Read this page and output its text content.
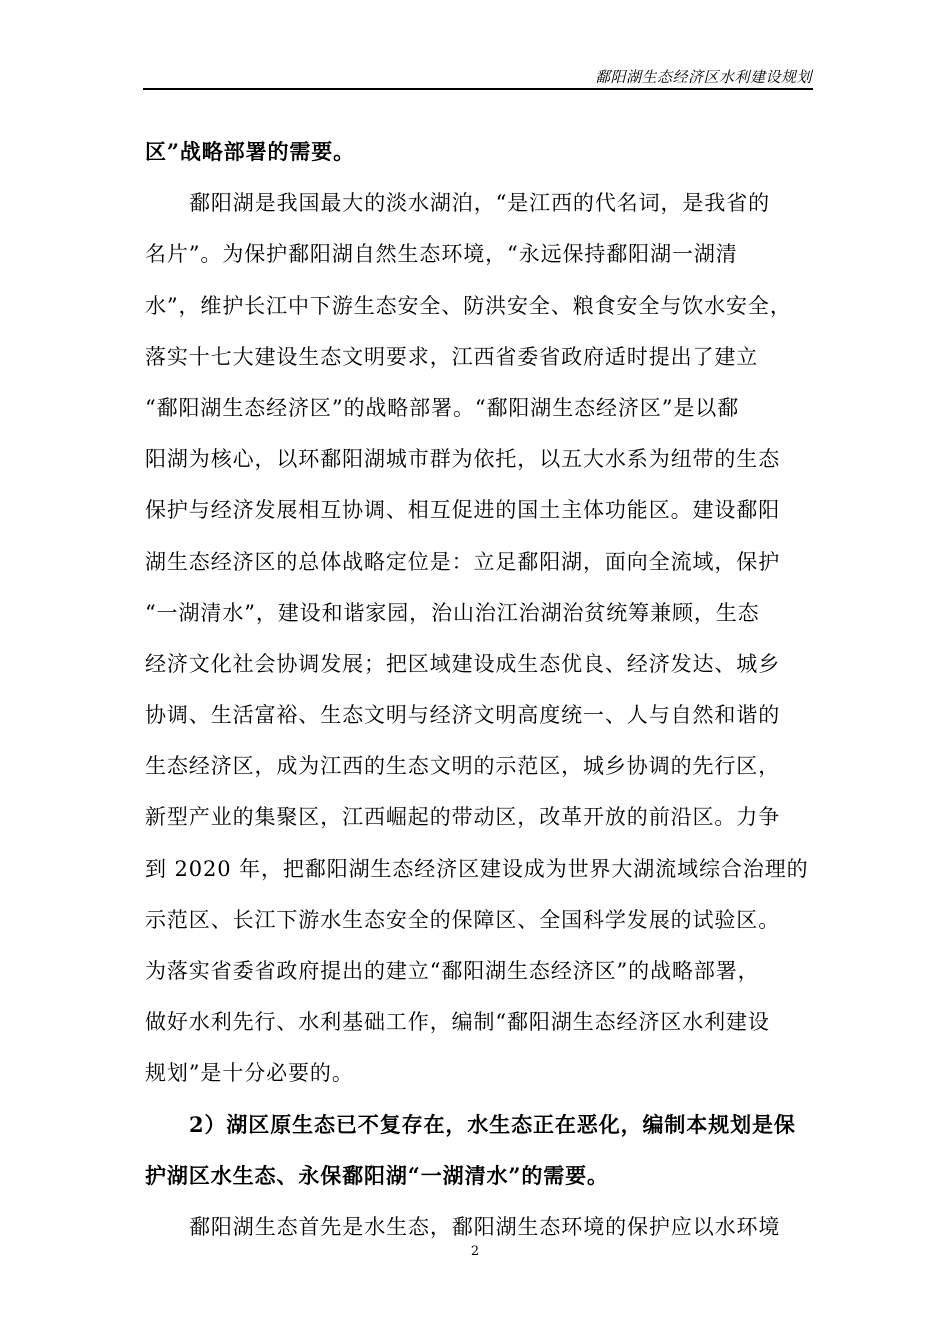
鄱阳湖生态经济区水利建设规划
区”战略部署的需要。
鄱阳湖是我国最大的淡水湖泊，“是江西的代名词，是我省的
名片”。为保护鄱阳湖自然生态环境，“永远保持鄱阳湖一湖清
水”，维护长江中下游生态安全、防洪安全、粮食安全与饮水安全，
落实十七大建设生态文明要求，江西省委省政府适时提出了建立
“鄱阳湖生态经济区”的战略部署。“鄱阳湖生态经济区”是以鄱
阳湖为核心，以环鄱阳湖城市群为依托，以五大水系为纽带的生态
保护与经济发展相互协调、相互促进的国土主体功能区。建设鄱阳
湖生态经济区的总体战略定位是：立足鄱阳湖，面向全流域，保护
“一湖清水”，建设和谐家园，治山治江治湖治贫统筹兼顾，生态
经济文化社会协调发展；把区域建设成生态优良、经济发达、城乡
协调、生活富裕、生态文明与经济文明高度统一、人与自然和谐的
生态经济区，成为江西的生态文明的示范区，城乡协调的先行区，
新型产业的集聚区，江西崛起的带动区，改革开放的前沿区。力争
到 2020 年，把鄱阳湖生态经济区建设成为世界大湖流域综合治理的
示范区、长江下游水生态安全的保障区、全国科学发展的试验区。
为落实省委省政府提出的建立“鄱阳湖生态经济区”的战略部署，
做好水利先行、水利基础工作，编制“鄱阳湖生态经济区水利建设
规划”是十分必要的。
2）湖区原生态已不复存在，水生态正在恶化，编制本规划是保
护湖区水生态、永保鄱阳湖“一湖清水”的需要。
鄱阳湖生态首先是水生态，鄱阳湖生态环境的保护应以水环境
2
